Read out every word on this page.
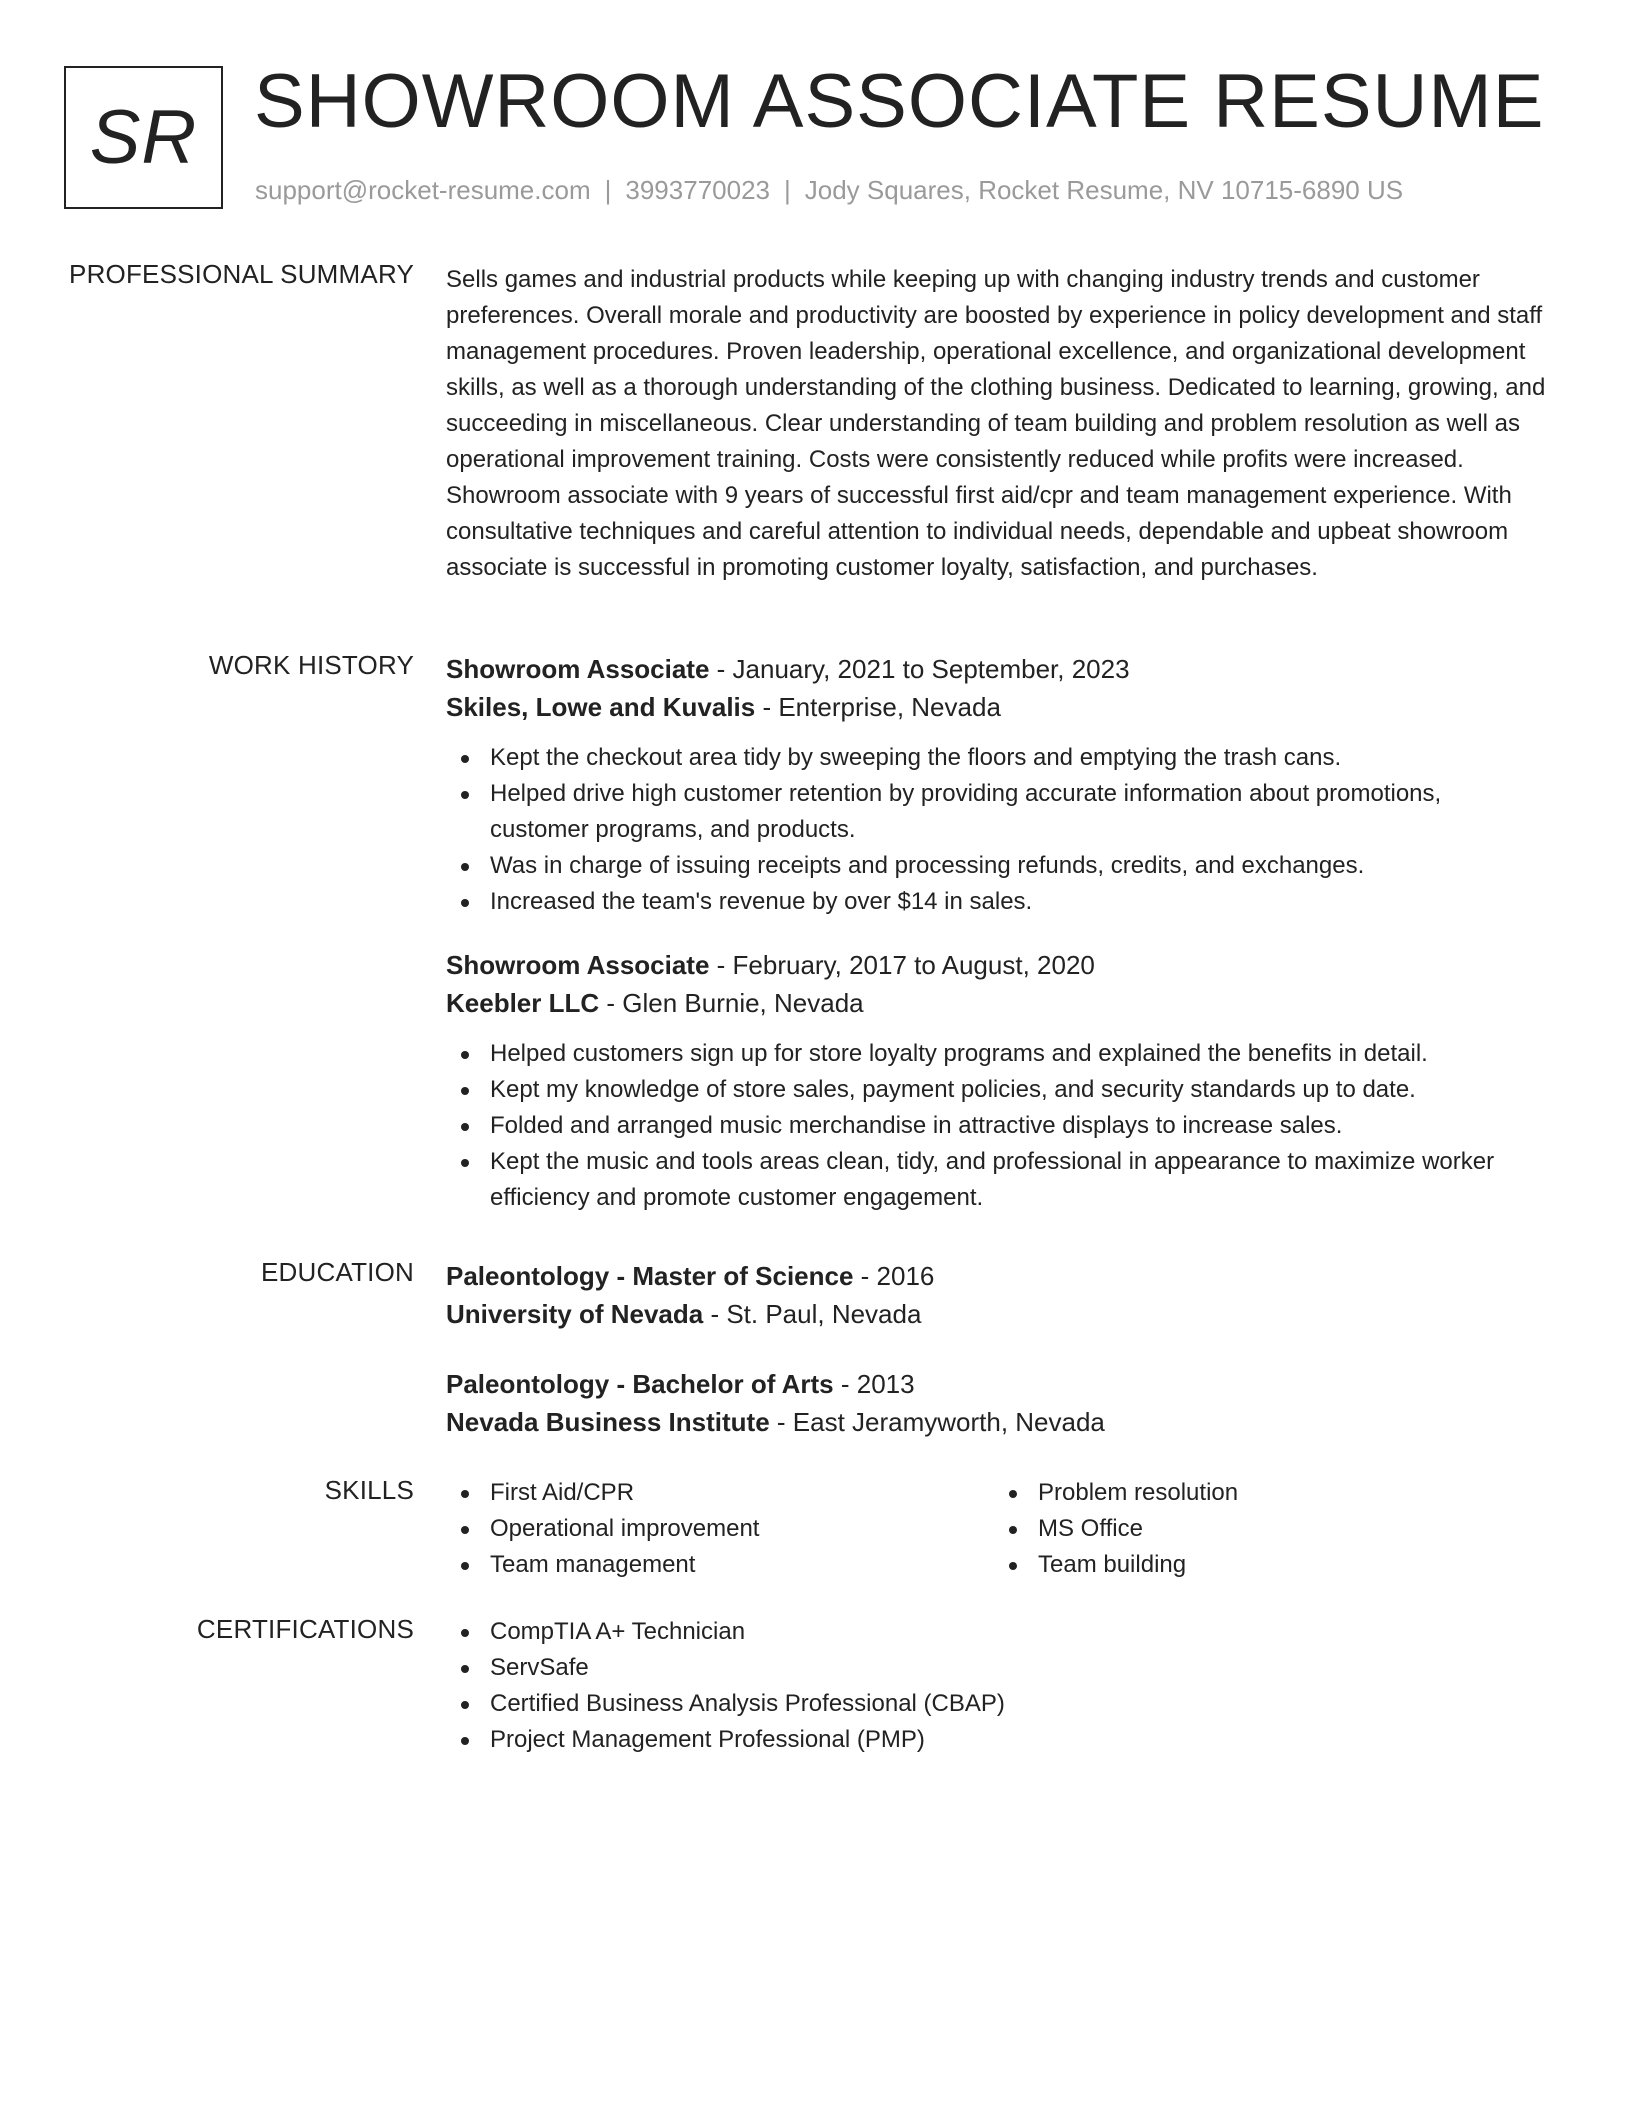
SR SHOWROOM ASSOCIATE RESUME
support@rocket-resume.com | 3993770023 | Jody Squares, Rocket Resume, NV 10715-6890 US
PROFESSIONAL SUMMARY Sells games and industrial products while keeping up with changing industry trends and customer preferences. Overall morale and productivity are boosted by experience in policy development and staff management procedures. Proven leadership, operational excellence, and organizational development skills, as well as a thorough understanding of the clothing business. Dedicated to learning, growing, and succeeding in miscellaneous. Clear understanding of team building and problem resolution as well as operational improvement training. Costs were consistently reduced while profits were increased. Showroom associate with 9 years of successful first aid/cpr and team management experience. With consultative techniques and careful attention to individual needs, dependable and upbeat showroom associate is successful in promoting customer loyalty, satisfaction, and purchases.

WORK HISTORY Showroom Associate - January, 2021 to September, 2023
Skiles, Lowe and Kuvalis - Enterprise, Nevada
Kept the checkout area tidy by sweeping the floors and emptying the trash cans.
Helped drive high customer retention by providing accurate information about promotions, customer programs, and products.
Was in charge of issuing receipts and processing refunds, credits, and exchanges.
Increased the team's revenue by over $14 in sales.
Showroom Associate - February, 2017 to August, 2020
Keebler LLC - Glen Burnie, Nevada
Helped customers sign up for store loyalty programs and explained the benefits in detail.
Kept my knowledge of store sales, payment policies, and security standards up to date.
Folded and arranged music merchandise in attractive displays to increase sales.
Kept the music and tools areas clean, tidy, and professional in appearance to maximize worker efficiency and promote customer engagement.
EDUCATION Paleontology - Master of Science - 2016
University of Nevada - St. Paul, Nevada
Paleontology - Bachelor of Arts - 2013
Nevada Business Institute - East Jeramyworth, Nevada
SKILLS	First Aid/CPR
Operational improvement
Team management
Problem resolution
MS Office
Team building
CERTIFICATIONS	CompTIA A+ Technician
ServSafe
Certified Business Analysis Professional (CBAP)
Project Management Professional (PMP)
